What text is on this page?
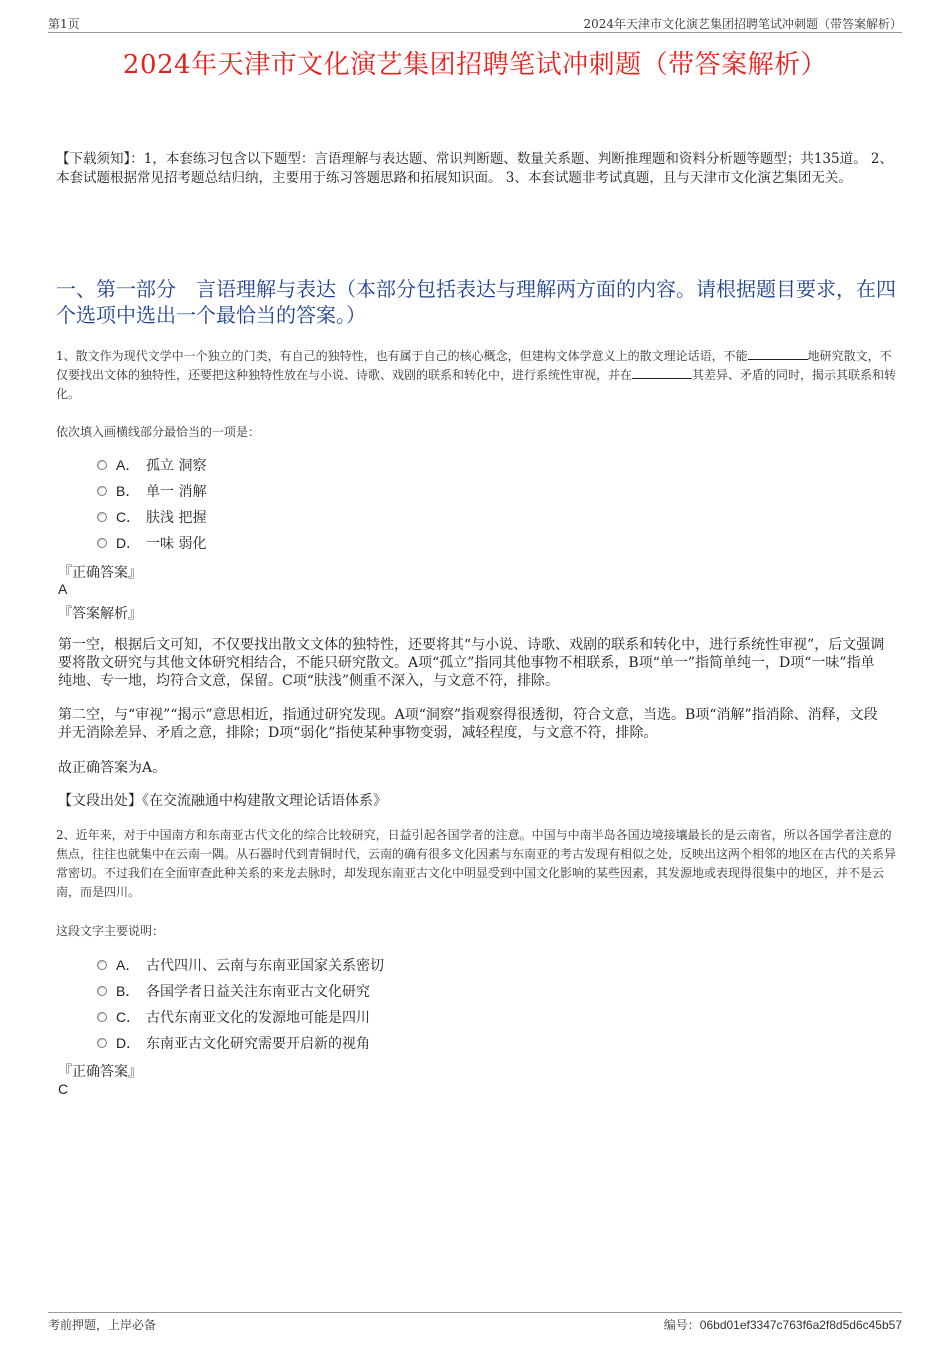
第1页	2024年天津市文化演艺集团招聘笔试冲刺题（带答案解析）
2024年天津市文化演艺集团招聘笔试冲刺题（带答案解析）
【下载须知】：1，本套练习包含以下题型：言语理解与表达题、常识判断题、数量关系题、判断推理题和资料分析题等题型；共135道。 2、本套试题根据常见招考题总结归纳，主要用于练习答题思路和拓展知识面。 3、本套试题非考试真题，且与天津市文化演艺集团无关。
一、第一部分　言语理解与表达（本部分包括表达与理解两方面的内容。请根据题目要求，在四个选项中选出一个最恰当的答案。）
1、散文作为现代文学中一个独立的门类，有自己的独特性，也有属于自己的核心概念，但建构文体学意义上的散文理论话语，不能	地研究散文，不仅要找出文体的独特性，还要把这种独特性放在与小说、诗歌、戏剧的联系和转化中，进行系统性审视，并在	其差异、矛盾的同时，揭示其联系和转化。
依次填入画横线部分最恰当的一项是：
A． 孤立 洞察
B． 单一 消解
C． 肤浅 把握
D． 一味 弱化
『正确答案』
A
『答案解析』
第一空，根据后文可知，不仅要找出散文文体的独特性，还要将其“与小说、诗歌、戏剧的联系和转化中，进行系统性审视”，后文强调要将散文研究与其他文体研究相结合，不能只研究散文。A项“孤立”指同其他事物不相联系，B项“单一”指简单纯一，D项“一味”指单纯地、专一地，均符合文意，保留。C项“肤浅”侧重不深入，与文意不符，排除。
第二空，与“审视”“揭示”意思相近，指通过研究发现。A项“洞察”指观察得很透彻，符合文意，当选。B项“消解”指消除、消释，文段并无消除差异、矛盾之意，排除；D项“弱化”指使某种事物变弱，减轻程度，与文意不符，排除。
故正确答案为A。
【文段出处】《在交流融通中构建散文理论话语体系》
2、近年来，对于中国南方和东南亚古代文化的综合比较研究，日益引起各国学者的注意。中国与中南半岛各国边境接壤最长的是云南省，所以各国学者注意的焦点，往往也就集中在云南一隅。从石器时代到青铜时代，云南的确有很多文化因素与东南亚的考古发现有相似之处，反映出这两个相邻的地区在古代的关系异常密切。不过我们在全面审查此种关系的来龙去脉时，却发现东南亚古文化中明显受到中国文化影响的某些因素，其发源地或表现得很集中的地区，并不是云南，而是四川。
这段文字主要说明：
A． 古代四川、云南与东南亚国家关系密切
B． 各国学者日益关注东南亚古文化研究
C． 古代东南亚文化的发源地可能是四川
D． 东南亚古文化研究需要开启新的视角
『正确答案』
C
考前押题，上岸必备	编号：06bd01ef3347c763f6a2f8d5d6c45b57
